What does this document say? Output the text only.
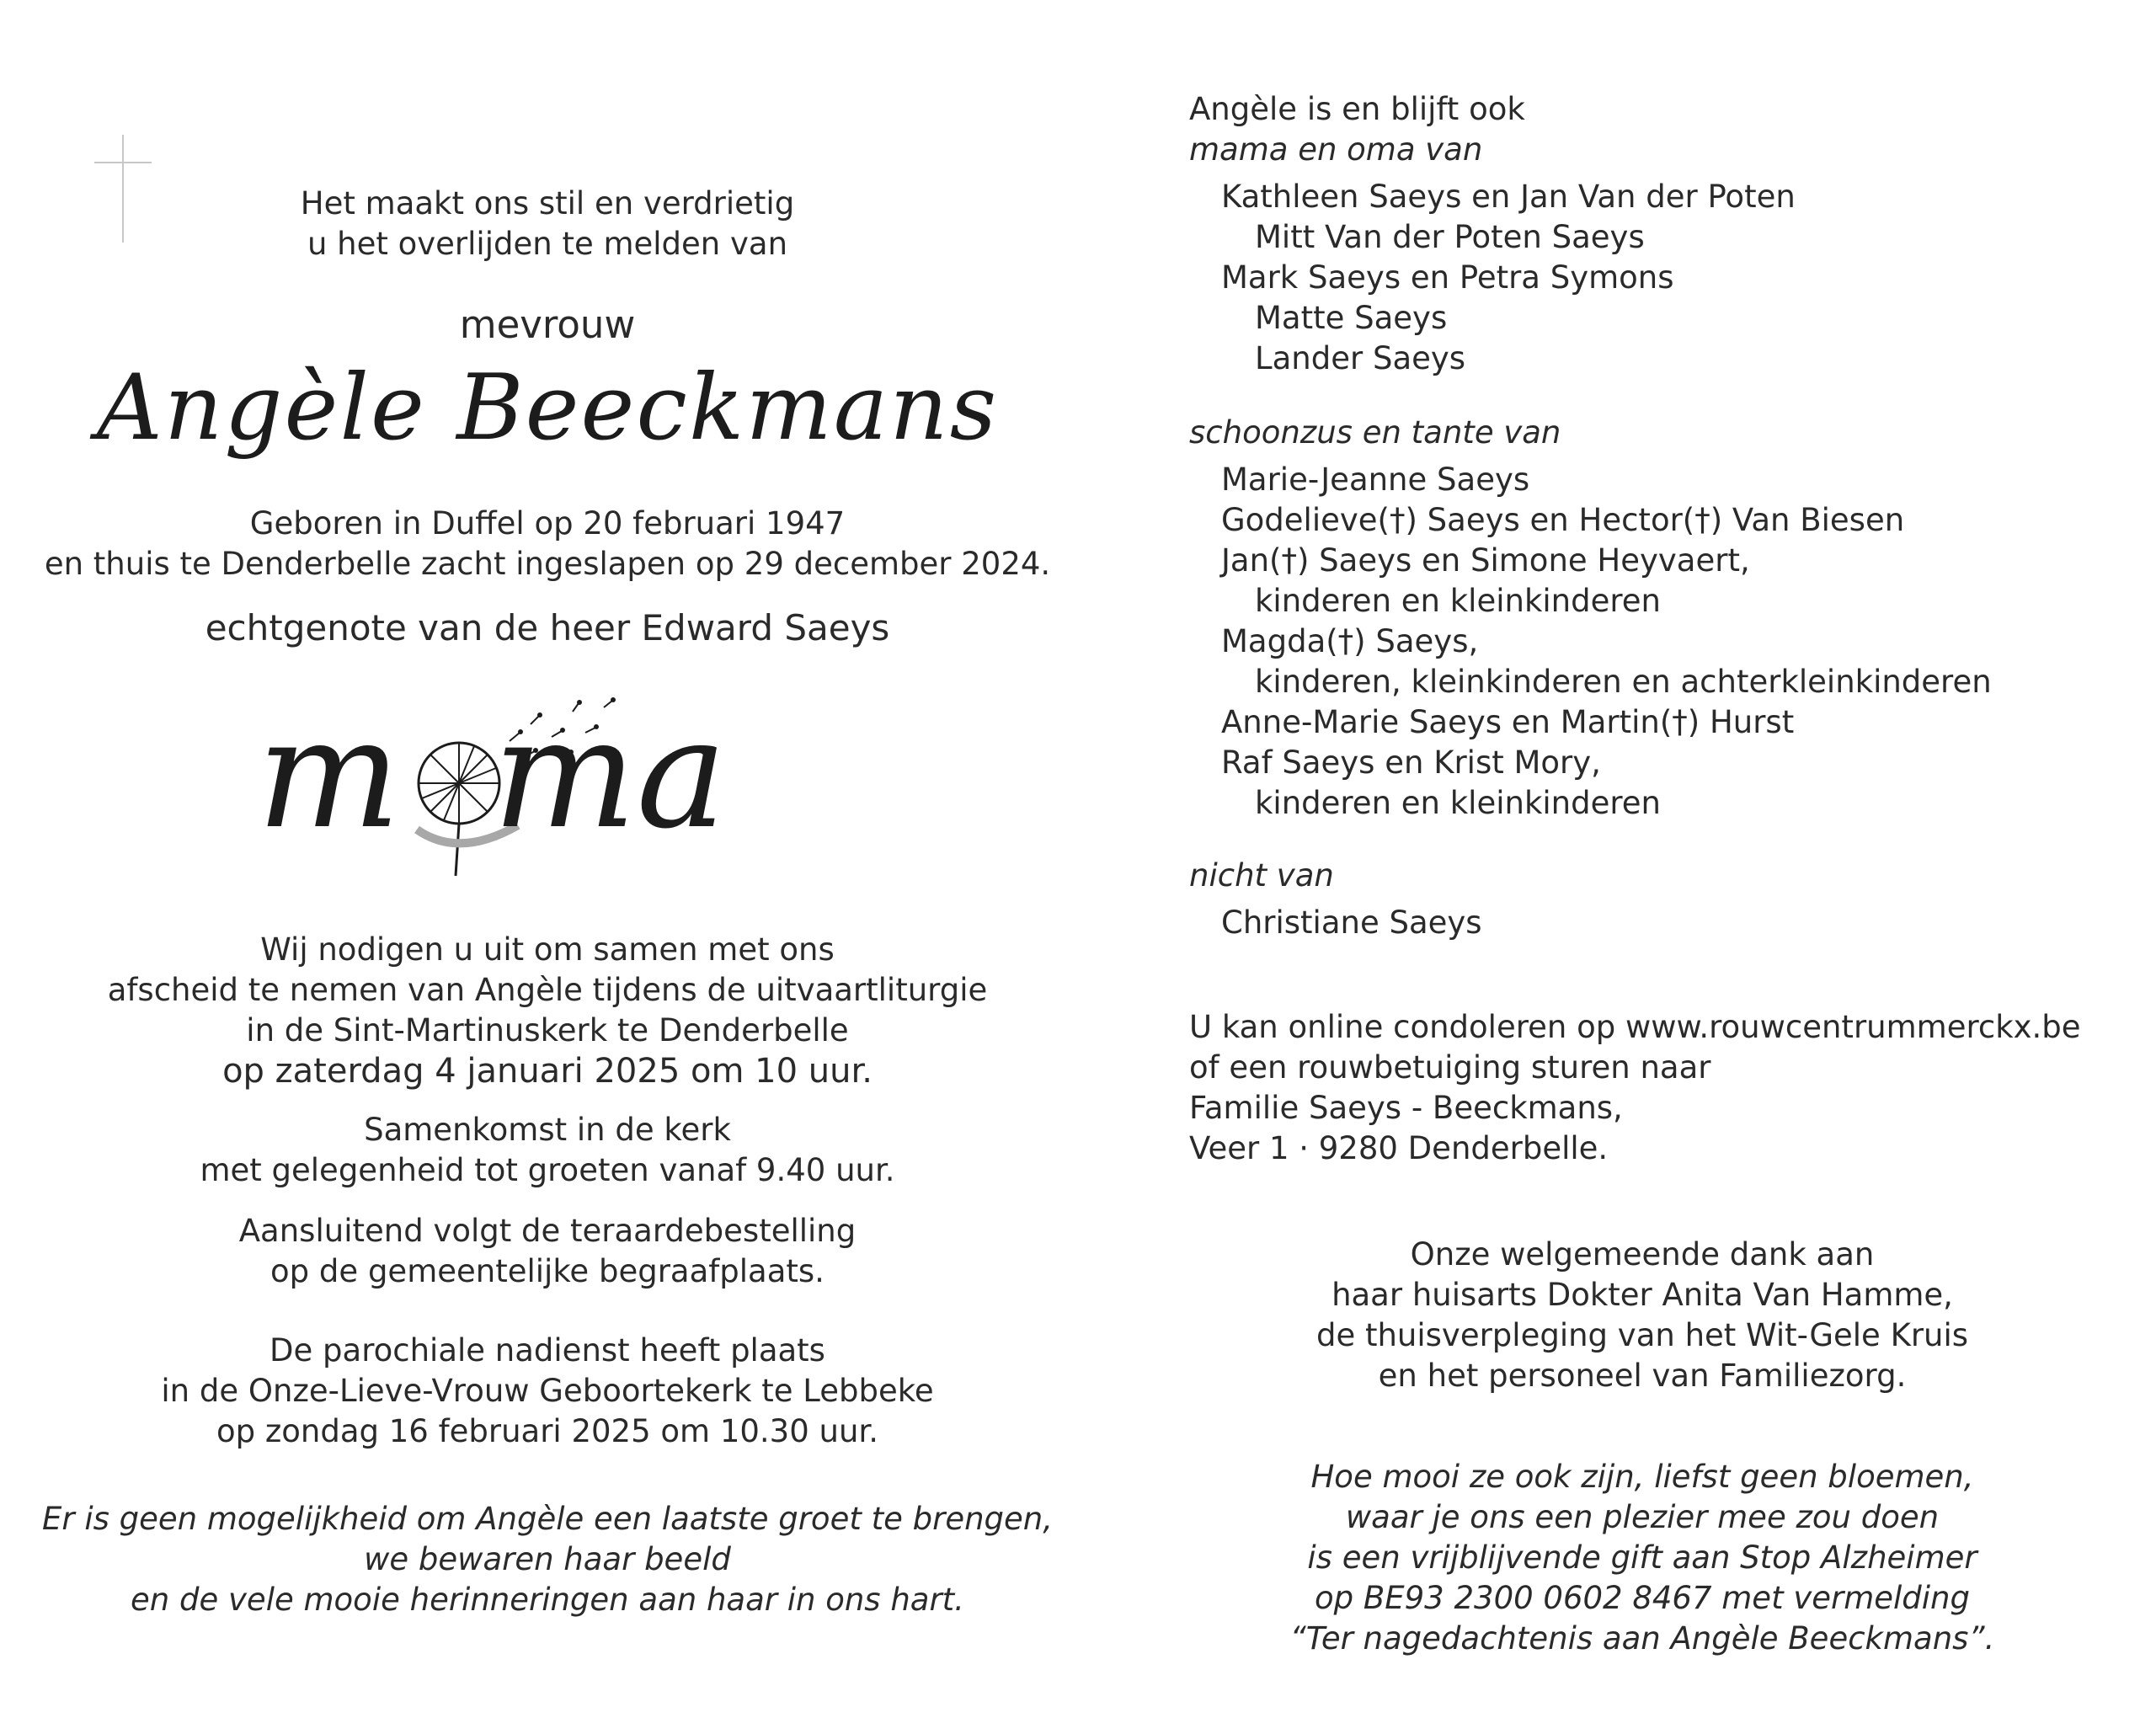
Het maakt ons stil en verdrietig
u het overlijden te melden van
mevrouw
Angèle Beeckmans
Geboren in Duffel op 20 februari 1947
en thuis te Denderbelle zacht ingeslapen op 29 december 2024.
echtgenote van de heer Edward Saeys
m ma
Wij nodigen u uit om samen met ons
afscheid te nemen van Angèle tijdens de uitvaartliturgie
in de Sint-Martinuskerk te Denderbelle
op zaterdag 4 januari 2025 om 10 uur.
Samenkomst in de kerk
met gelegenheid tot groeten vanaf 9.40 uur.
Aansluitend volgt de teraardebestelling
op de gemeentelijke begraafplaats.
De parochiale nadienst heeft plaats
in de Onze-Lieve-Vrouw Geboortekerk te Lebbeke
op zondag 16 februari 2025 om 10.30 uur.
Er is geen mogelijkheid om Angèle een laatste groet te brengen,
we bewaren haar beeld
en de vele mooie herinneringen aan haar in ons hart.
Angèle is en blijft ook
mama en oma van
Kathleen Saeys en Jan Van der Poten
Mitt Van der Poten Saeys
Mark Saeys en Petra Symons
Matte Saeys
Lander Saeys
schoonzus en tante van
Marie-Jeanne Saeys
Godelieve(†) Saeys en Hector(†) Van Biesen
Jan(†) Saeys en Simone Heyvaert,
kinderen en kleinkinderen
Magda(†) Saeys,
kinderen, kleinkinderen en achterkleinkinderen
Anne-Marie Saeys en Martin(†) Hurst
Raf Saeys en Krist Mory,
kinderen en kleinkinderen
nicht van
Christiane Saeys
U kan online condoleren op www.rouwcentrummerckx.be
of een rouwbetuiging sturen naar
Familie Saeys - Beeckmans,
Veer 1 · 9280 Denderbelle.
Onze welgemeende dank aan
haar huisarts Dokter Anita Van Hamme,
de thuisverpleging van het Wit-Gele Kruis
en het personeel van Familiezorg.
Hoe mooi ze ook zijn, liefst geen bloemen,
waar je ons een plezier mee zou doen
is een vrijblijvende gift aan Stop Alzheimer
op BE93 2300 0602 8467 met vermelding
“Ter nagedachtenis aan Angèle Beeckmans”.
